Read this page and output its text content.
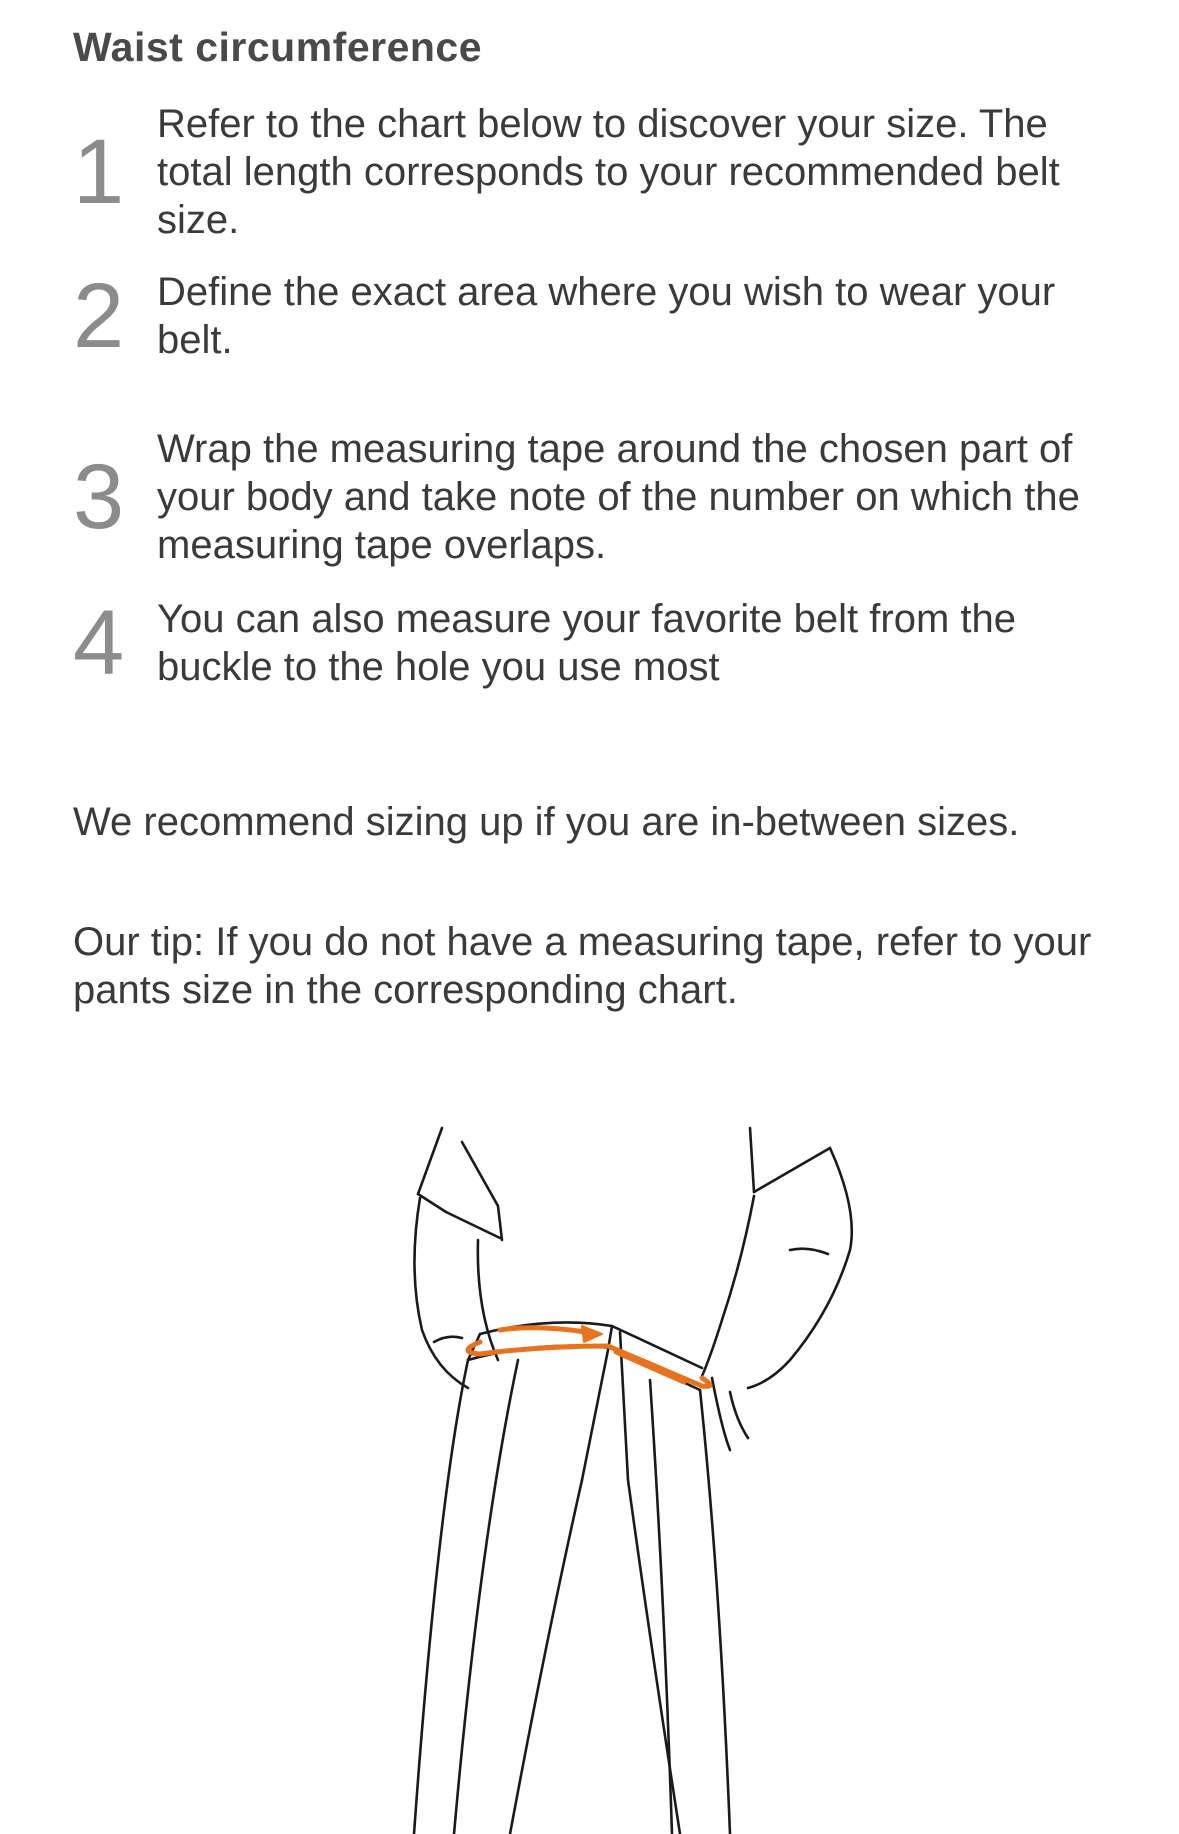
Waist circumference
1 Refer to the chart below to discover your size. The total length corresponds to your recommended belt size.
2 Define the exact area where you wish to wear your belt.
3 Wrap the measuring tape around the chosen part of your body and take note of the number on which the measuring tape overlaps.
4 You can also measure your favorite belt from the buckle to the hole you use most
We recommend sizing up if you are in-between sizes.
Our tip: If you do not have a measuring tape, refer to your pants size in the corresponding chart.
